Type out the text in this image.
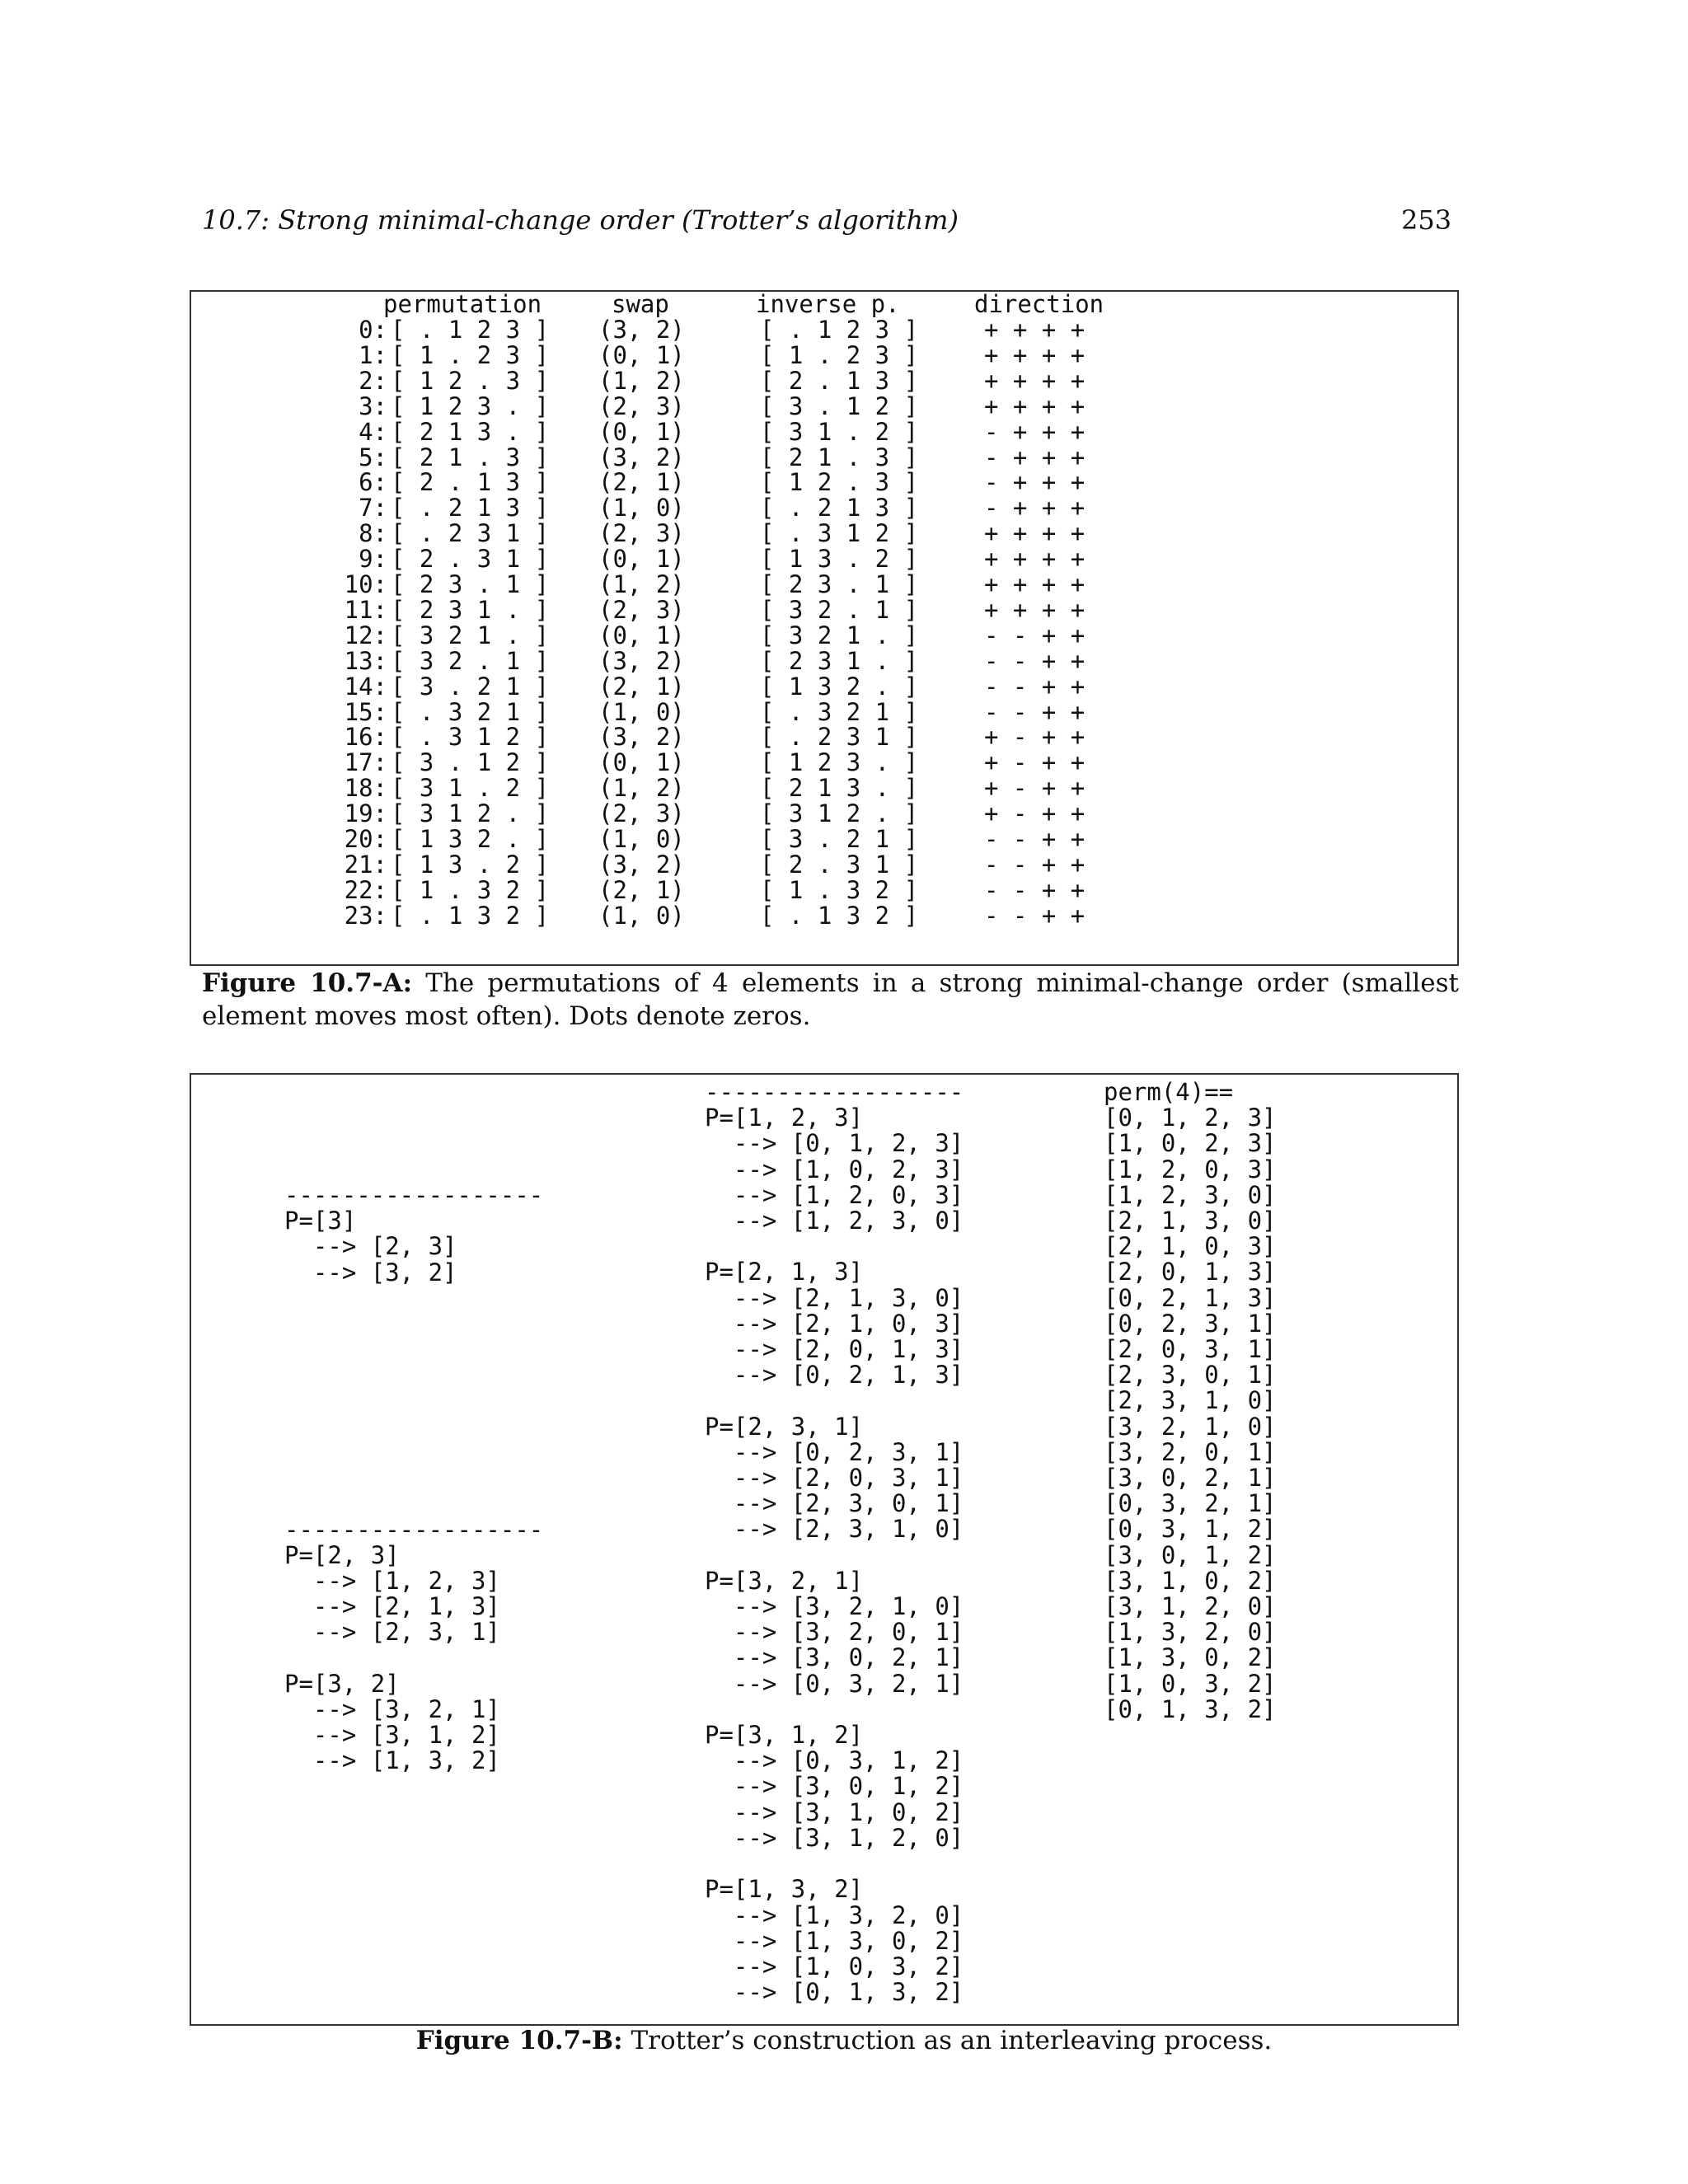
10.7: Strong minimal-change order (Trotter’s algorithm)	253
permutation	swap	inverse p.	direction
0: [ . 1 2 3 ] (3, 2)	[ . 1 2 3 ]	+ + + +
1: [ 1 . 2 3 ] (0, 1)	[ 1 . 2 3 ]	+ + + +
2: [ 1 2 . 3 ] (1, 2)	[ 2 . 1 3 ]	+ + + +
3: [ 1 2 3 . ] (2, 3)	[ 3 . 1 2 ]	+ + + +
4: [ 2 1 3 . ] (0, 1)	[ 3 1 . 2 ]	- + + +
5: [ 2 1 . 3 ] (3, 2)	[ 2 1 . 3 ]	- + + +
6: [ 2 . 1 3 ] (2, 1)	[ 1 2 . 3 ]	- + + +
7: [ . 2 1 3 ] (1, 0)	[ . 2 1 3 ]	- + + +
8: [ . 2 3 1 ] (2, 3)	[ . 3 1 2 ]	+ + + +
9: [ 2 . 3 1 ] (0, 1)	[ 1 3 . 2 ]	+ + + +
10: [ 2 3 . 1 ] (1, 2)	[ 2 3 . 1 ]	+ + + +
11: [ 2 3 1 . ] (2, 3)	[ 3 2 . 1 ]	+ + + +
12: [ 3 2 1 . ] (0, 1)	[ 3 2 1 . ]	- - + +
13: [ 3 2 . 1 ] (3, 2)	[ 2 3 1 . ]	- - + +
14: [ 3 . 2 1 ] (2, 1)	[ 1 3 2 . ]	- - + +
15: [ . 3 2 1 ] (1, 0)	[ . 3 2 1 ]	- - + +
16: [ . 3 1 2 ] (3, 2)	[ . 2 3 1 ]	+ - + +
17: [ 3 . 1 2 ] (0, 1)	[ 1 2 3 . ]	+ - + +
18: [ 3 1 . 2 ] (1, 2)	[ 2 1 3 . ]	+ - + +
19: [ 3 1 2 . ] (2, 3)	[ 3 1 2 . ]	+ - + +
20: [ 1 3 2 . ] (1, 0)	[ 3 . 2 1 ]	- - + +
21: [ 1 3 . 2 ] (3, 2)	[ 2 . 3 1 ]	- - + +
22: [ 1 . 3 2 ] (2, 1)	[ 1 . 3 2 ]	- - + +
23: [ . 1 3 2 ] (1, 0)	[ . 1 3 2 ]	- - + +
Figure 10.7-A: The permutations of 4 elements in a strong minimal-change order (smallest element moves most often). Dots denote zeros.
------------------
P=[3]
--> [2, 3]
--> [3, 2]

------------------
P=[2, 3]
--> [1, 2, 3]
--> [2, 1, 3]
--> [2, 3, 1]

P=[3, 2]
--> [3, 2, 1]
--> [3, 1, 2]
--> [1, 3, 2]
------------------
P=[1, 2, 3]
--> [0, 1, 2, 3]
--> [1, 0, 2, 3]
--> [1, 2, 0, 3]
--> [1, 2, 3, 0]

P=[2, 1, 3]
--> [2, 1, 3, 0]
--> [2, 1, 0, 3]
--> [2, 0, 1, 3]
--> [0, 2, 1, 3]

P=[2, 3, 1]
--> [0, 2, 3, 1]
--> [2, 0, 3, 1]
--> [2, 3, 0, 1]
--> [2, 3, 1, 0]

P=[3, 2, 1]
--> [3, 2, 1, 0]
--> [3, 2, 0, 1]
--> [3, 0, 2, 1]
--> [0, 3, 2, 1]

P=[3, 1, 2]
--> [0, 3, 1, 2]
--> [3, 0, 1, 2]
--> [3, 1, 0, 2]
--> [3, 1, 2, 0]

P=[1, 3, 2]
--> [1, 3, 2, 0]
--> [1, 3, 0, 2]
--> [1, 0, 3, 2]
--> [0, 1, 3, 2]
perm(4)==
[0, 1, 2, 3]
[1, 0, 2, 3]
[1, 2, 0, 3]
[1, 2, 3, 0]
[2, 1, 3, 0]
[2, 1, 0, 3]
[2, 0, 1, 3]
[0, 2, 1, 3]
[0, 2, 3, 1]
[2, 0, 3, 1]
[2, 3, 0, 1]
[2, 3, 1, 0]
[3, 2, 1, 0]
[3, 2, 0, 1]
[3, 0, 2, 1]
[0, 3, 2, 1]
[0, 3, 1, 2]
[3, 0, 1, 2]
[3, 1, 0, 2]
[3, 1, 2, 0]
[1, 3, 2, 0]
[1, 3, 0, 2]
[1, 0, 3, 2]
[0, 1, 3, 2]
Figure 10.7-B: Trotter’s construction as an interleaving process.
